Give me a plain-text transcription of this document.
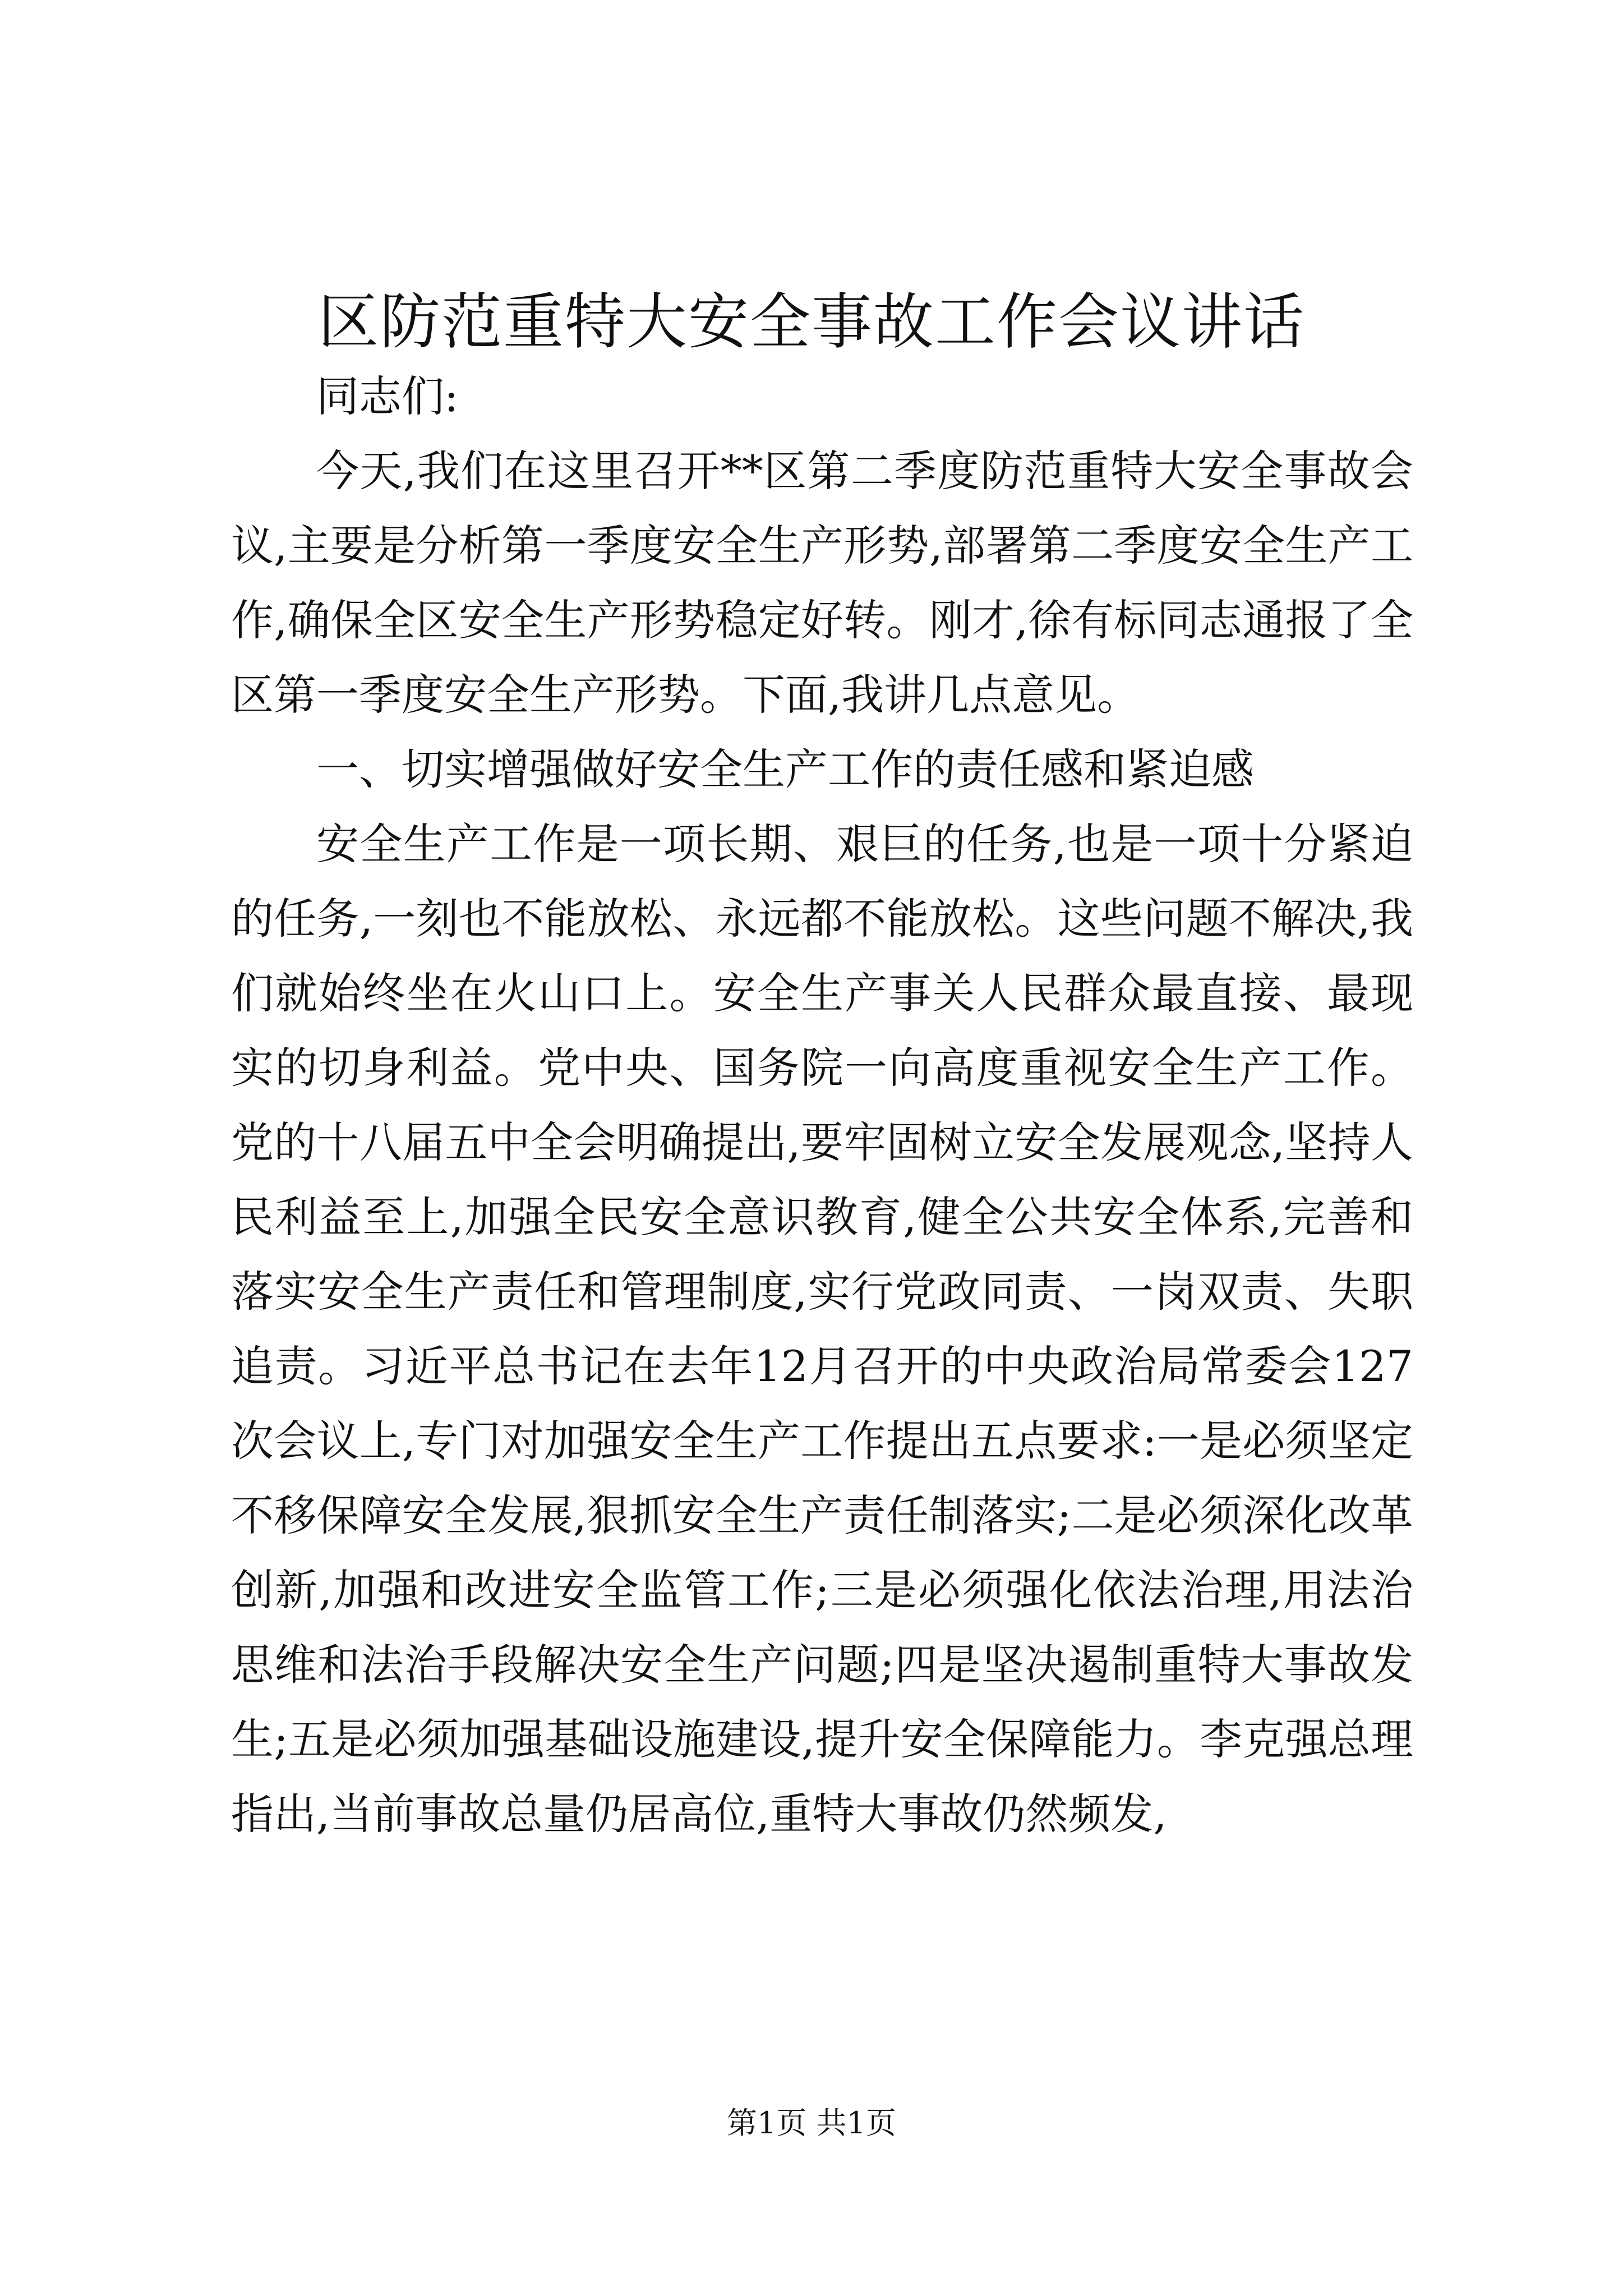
区防范重特大安全事故工作会议讲话

同志们:

今天,我们在这里召开**区第二季度防范重特大安全事故会议,主要是分析第一季度安全生产形势,部署第二季度安全生产工作,确保全区安全生产形势稳定好转。刚才,徐有标同志通报了全区第一季度安全生产形势。下面,我讲几点意见。

一、切实增强做好安全生产工作的责任感和紧迫感

安全生产工作是一项长期、艰巨的任务,也是一项十分紧迫的任务,一刻也不能放松、永远都不能放松。这些问题不解决,我们就始终坐在火山口上。安全生产事关人民群众最直接、最现实的切身利益。党中央、国务院一向高度重视安全生产工作。党的十八届五中全会明确提出,要牢固树立安全发展观念,坚持人民利益至上,加强全民安全意识教育,健全公共安全体系,完善和落实安全生产责任和管理制度,实行党政同责、一岗双责、失职追责。习近平总书记在去年12月召开的中央政治局常委会127次会议上,专门对加强安全生产工作提出五点要求:一是必须坚定不移保障安全发展,狠抓安全生产责任制落实;二是必须深化改革创新,加强和改进安全监管工作;三是必须强化依法治理,用法治思维和法治手段解决安全生产问题;四是坚决遏制重特大事故发生;五是必须加强基础设施建设,提升安全保障能力。李克强总理指出,当前事故总量仍居高位,重特大事故仍然频发,

第1页 共1页
